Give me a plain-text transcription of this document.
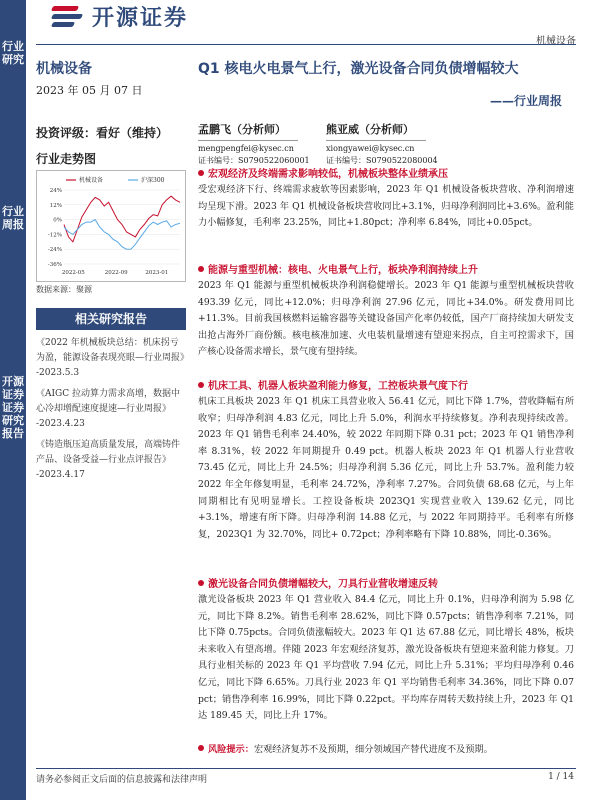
行业研究
行业周报
开源证券 证券研究报告
开源证券
机械设备
机械设备
2023 年 05 月 07 日
投资评级：看好（维持）
行业走势图
机械设备	沪深300
24%
12%
0%
-12%
-24%
-36%
2022-05	2022-09	2023-01
数据来源：聚源
相关研究报告
《2022 年机械板块总结：机床拐亏为盈，能源设备表现亮眼—行业周报》
-2023.5.3
《AIGC 拉动算力需求高增，数据中心冷却增配速度提速—行业周报》
-2023.4.23
《铸造瓶压迫高质量发展，高端铸件产品、设备受益—行业点评报告》
-2023.4.17
Q1 核电火电景气上行，激光设备合同负债增幅较大
——行业周报
孟鹏飞（分析师）
mengpengfei@kysec.cn
证书编号：S0790522060001
熊亚威（分析师）
xiongyawei@kysec.cn
证书编号：S0790522080004
宏观经济及终端需求影响较低，机械板块整体业绩承压
受宏观经济下行、终端需求疲软等因素影响，2023 年 Q1 机械设备板块营收、净利润增速均呈现下滑。2023 年 Q1 机械设备板块营收同比+3.1%，归母净利润同比+3.6%。盈利能力小幅修复，毛利率 23.25%，同比+1.80pct；净利率 6.84%，同比+0.05pct。
能源与重型机械：核电、火电景气上行，板块净利润持续上升
2023 年 Q1 能源与重型机械板块净利润稳健增长。2023 年 Q1 能源与重型机械板块营收 493.39 亿元，同比+12.0%；归母净利润 27.96 亿元，同比+34.0%。研发费用同比+11.3%。目前我国核燃料运输容器等关键设备国产化率仍较低，国产厂商持续加大研发支出抢占海外厂商份额。核电核准加速、火电装机量增速有望迎来拐点，自主可控需求下，国产核心设备需求增长，景气度有望持续。
机床工具、机器人板块盈利能力修复，工控板块景气度下行
机床工具板块 2023 年 Q1 机床工具营业收入 56.41 亿元，同比下降 1.7%，营收降幅有所收窄；归母净利润 4.83 亿元，同比上升 5.0%，利润水平持续修复。净利表现持续改善。2023 年 Q1 销售毛利率 24.40%，较 2022 年同期下降 0.31 pct；2023 年 Q1 销售净利率 8.31%，较 2022 年同期提升 0.49 pct。机器人板块 2023 年 Q1 机器人行业营收 73.45 亿元，同比上升 24.5%；归母净利润 5.36 亿元，同比上升 53.7%。盈利能力较 2022 年全年修复明显，毛利率 24.72%，净利率 7.27%。合同负债 68.68 亿元，与上年同期相比有见明显增长。工控设备板块 2023Q1 实现营业收入 139.62 亿元，同比+3.1%，增速有所下降。归母净利润 14.88 亿元，与 2022 年同期持平。毛利率有所修复，2023Q1 为 32.70%，同比+ 0.72pct；净利率略有下降 10.88%，同比-0.36%。
激光设备合同负债增幅较大，刀具行业营收增速反转
激光设备板块 2023 年 Q1 营业收入 84.4 亿元，同比上升 0.1%，归母净利润为 5.98 亿元，同比下降 8.2%。销售毛利率 28.62%，同比下降 0.57pcts；销售净利率 7.21%，同比下降 0.75pcts。合同负债涨幅较大。2023 年 Q1 达 67.88 亿元，同比增长 48%，板块未来收入有望高增。伴随 2023 年宏观经济复苏，激光设备板块有望迎来盈利能力修复。刀具行业相关标的 2023 年 Q1 平均营收 7.94 亿元，同比上升 5.31%；平均归母净利 0.46 亿元，同比下降 6.65%。刀具行业 2023 年 Q1 平均销售毛利率 34.36%，同比下降 0.07 pct；销售净利率 16.99%，同比下降 0.22pct。平均库存周转天数持续上升，2023 年 Q1 达 189.45 天，同比上升 17%。
风险提示：宏观经济复苏不及预期，细分领域国产替代进度不及预期。
请务必参阅正文后面的信息披露和法律声明	1 / 14
